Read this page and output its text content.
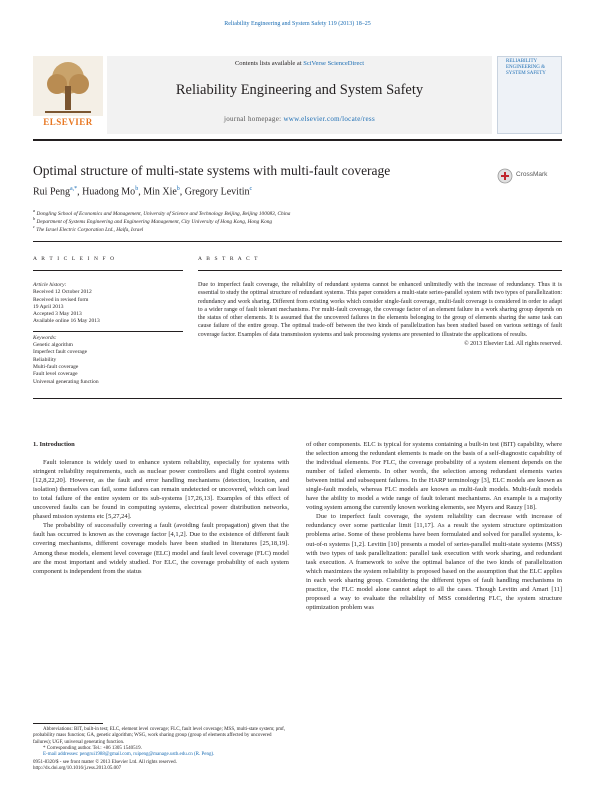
Reliability Engineering and System Safety 119 (2013) 18–25
ELSEVIER
Contents lists available at SciVerse ScienceDirect
Reliability Engineering and System Safety
journal homepage: www.elsevier.com/locate/ress
RELIABILITY ENGINEERING & SYSTEM SAFETY
Optimal structure of multi-state systems with multi-fault coverage	CrossMark
Rui Peng$^{a,*}$, Huadong Mo$^b$, Min Xie$^b$, Gregory Levitin$^c$
$^a$ Dongling School of Economics and Management, University of Science and Technology Beijing, Beijing 100083, China
$^b$ Department of Systems Engineering and Engineering Management, City University of Hong Kong, Hong Kong
$^c$ The Israel Electric Corporation Ltd., Haifa, Israel
A R T I C L E I N F O	A B S T R A C T
Article history:
Received 12 October 2012
Received in revised form
19 April 2013
Accepted 3 May 2013
Available online 16 May 2013
Keywords:
Genetic algorithm
Imperfect fault coverage
Reliability
Multi-fault coverage
Fault level coverage
Universal generating function
Due to imperfect fault coverage, the reliability of redundant systems cannot be enhanced unlimitedly with the increase of redundancy. Thus it is essential to study the optimal structure of redundant systems. This paper considers a multi-state series-parallel system with two types of parallelization: redundancy and work sharing. Different from existing works which consider single-fault coverage, multi-fault coverage is considered in order to adapt to a wider range of fault tolerant mechanisms. For multi-fault coverage, the coverage factor of an element failure in a work sharing group depends on the status of other elements. It is assumed that the uncovered failures in the elements belonging to the group of elements sharing the same task can cause failure of the entire group. The optimal trade-off between the two kinds of parallelization has been studied based on various settings of fault coverage factor. Examples of data transmission systems and task processing systems are presented to illustrate the applications of results.
© 2013 Elsevier Ltd. All rights reserved.
1. Introduction
Fault tolerance is widely used to enhance system reliability, especially for systems with stringent reliability requirements, such as nuclear power controllers and flight control systems [12,8,22,20]. However, as the fault and error handling mechanisms (detection, location, and isolation) themselves can fail, some failures can remain undetected or uncovered, which can lead to total failure of the entire system or its sub-systems [17,26,13]. Examples of this effect of uncovered faults can be found in computing systems, electrical power distribution networks, phased mission systems etc [5,27,24].
The probability of successfully covering a fault (avoiding fault propagation) given that the fault has occurred is known as the coverage factor [4,1,2]. Due to the existence of different fault covering mechanisms, different coverage models have been studied in literatures [25,18,19]. Among these models, element level coverage (ELC) model and fault level coverage (FLC) model are the most important and widely studied. For ELC, the coverage probability of each system component is independent from the status
of other components. ELC is typical for systems containing a built-in test (BIT) capability, where the selection among the redundant elements is made on the basis of a self-diagnostic capability of the individual elements. For FLC, the coverage probability of a system element depends on the number of failed elements. In other words, the selection among redundant elements varies between initial and subsequent failures. In the HARP terminology [3], ELC models are known as single-fault models, whereas FLC models are known as multi-fault models. Multi-fault models have the ability to model a wide range of fault tolerant mechanisms. An example is a majority voting system among the currently known working elements, see Myers and Rauzy [18].
Due to imperfect fault coverage, the system reliability can decrease with increase of redundancy over some particular limit [11,17]. As a result the system structure optimization problems arise. Some of these problems have been formulated and solved for parallel systems, k-out-of-n systems [1,2]. Levitin [10] presents a model of series-parallel multi-state systems (MSS) with two types of task parallelization: parallel task execution with work sharing, and redundant task execution. A framework to solve the optimal balance of the two kinds of parallelization which maximizes the system reliability is proposed based on the assumption that the ELC applies in each work sharing group. Considering the different types of fault handling mechanisms in practice, the FLC model alone cannot adapt to all the cases. Though Levitin and Amari [11] proposed a way to evaluate the reliability of MSS considering FLC, the system structure optimization problem was
Abbreviations: BIT, built-in test; ELC, element level coverage; FLC, fault level coverage; MSS, multi-state system; pmf, probability mass function; GA, genetic algorithm; WSG, work sharing group (group of elements affected by uncovered failures); UGF, universal generating function.
* Corresponding author. Tel.: +86 1305 1540519.
E-mail addresses: pengrui1988@gmail.com, ruipeng@manage.ustb.edu.cn (R. Peng).
0951-8320/$ - see front matter © 2013 Elsevier Ltd. All rights reserved.
http://dx.doi.org/10.1016/j.ress.2013.05.007
